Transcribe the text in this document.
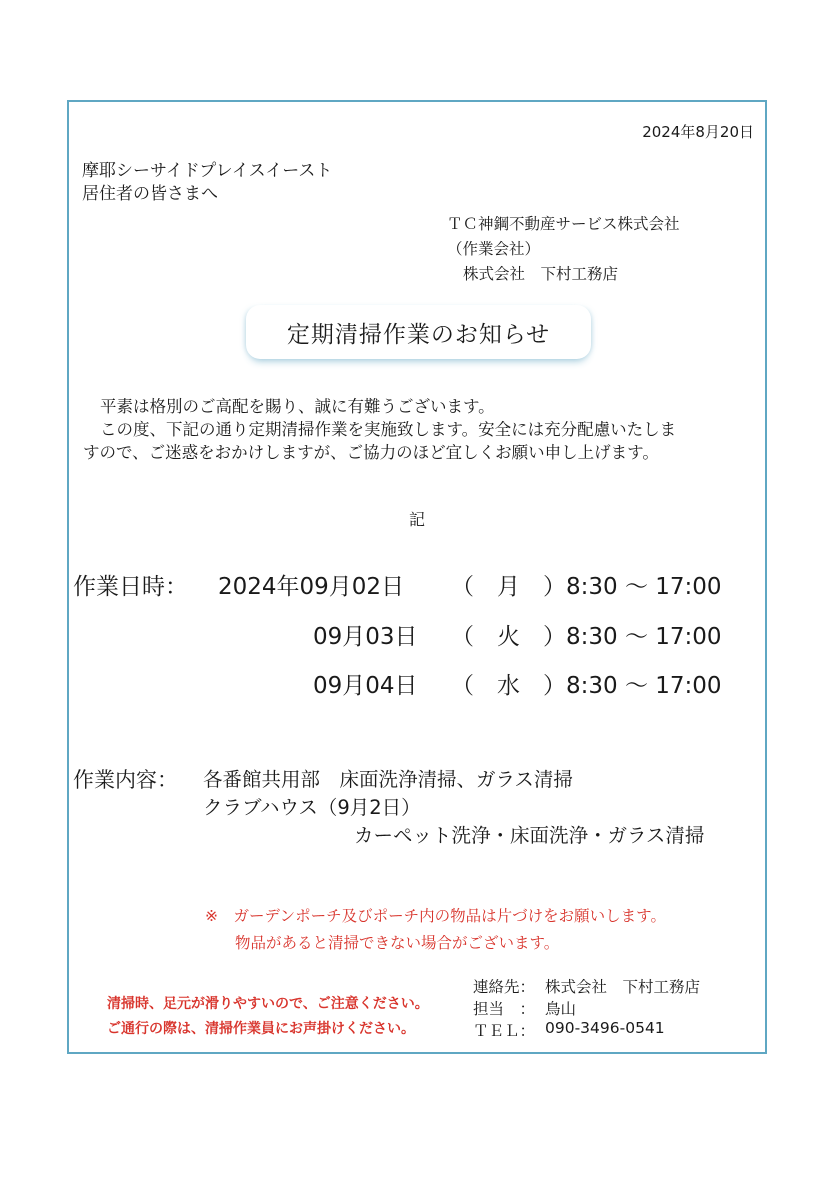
2024年8月20日
摩耶シーサイドプレイスイースト
居住者の皆さまへ
ＴＣ神鋼不動産サービス株式会社
（作業会社）
株式会社　下村工務店
定期清掃作業のお知らせ
平素は格別のご高配を賜り、誠に有難うございます。
この度、下記の通り定期清掃作業を実施致します。安全には充分配慮いたしま
すので、ご迷惑をおかけしますが、ご協力のほど宜しくお願い申し上げます。
記
作業日時： 2024年09月02日 （　月　） 8:30 ～ 17:00
09月03日 （　火　） 8:30 ～ 17:00
09月04日 （　水　） 8:30 ～ 17:00
作業内容： 各番館共用部　床面洗浄清掃、ガラス清掃
クラブハウス（9月2日）
カーペット洗浄・床面洗浄・ガラス清掃
※　ガーデンポーチ及びポーチ内の物品は片づけをお願いします。
物品があると清掃できない場合がございます。
清掃時、足元が滑りやすいので、ご注意ください。
ご通行の際は、清掃作業員にお声掛けください。
連絡先： 株式会社　下村工務店
担当　： 鳥山
ＴＥＬ： 090-3496-0541
